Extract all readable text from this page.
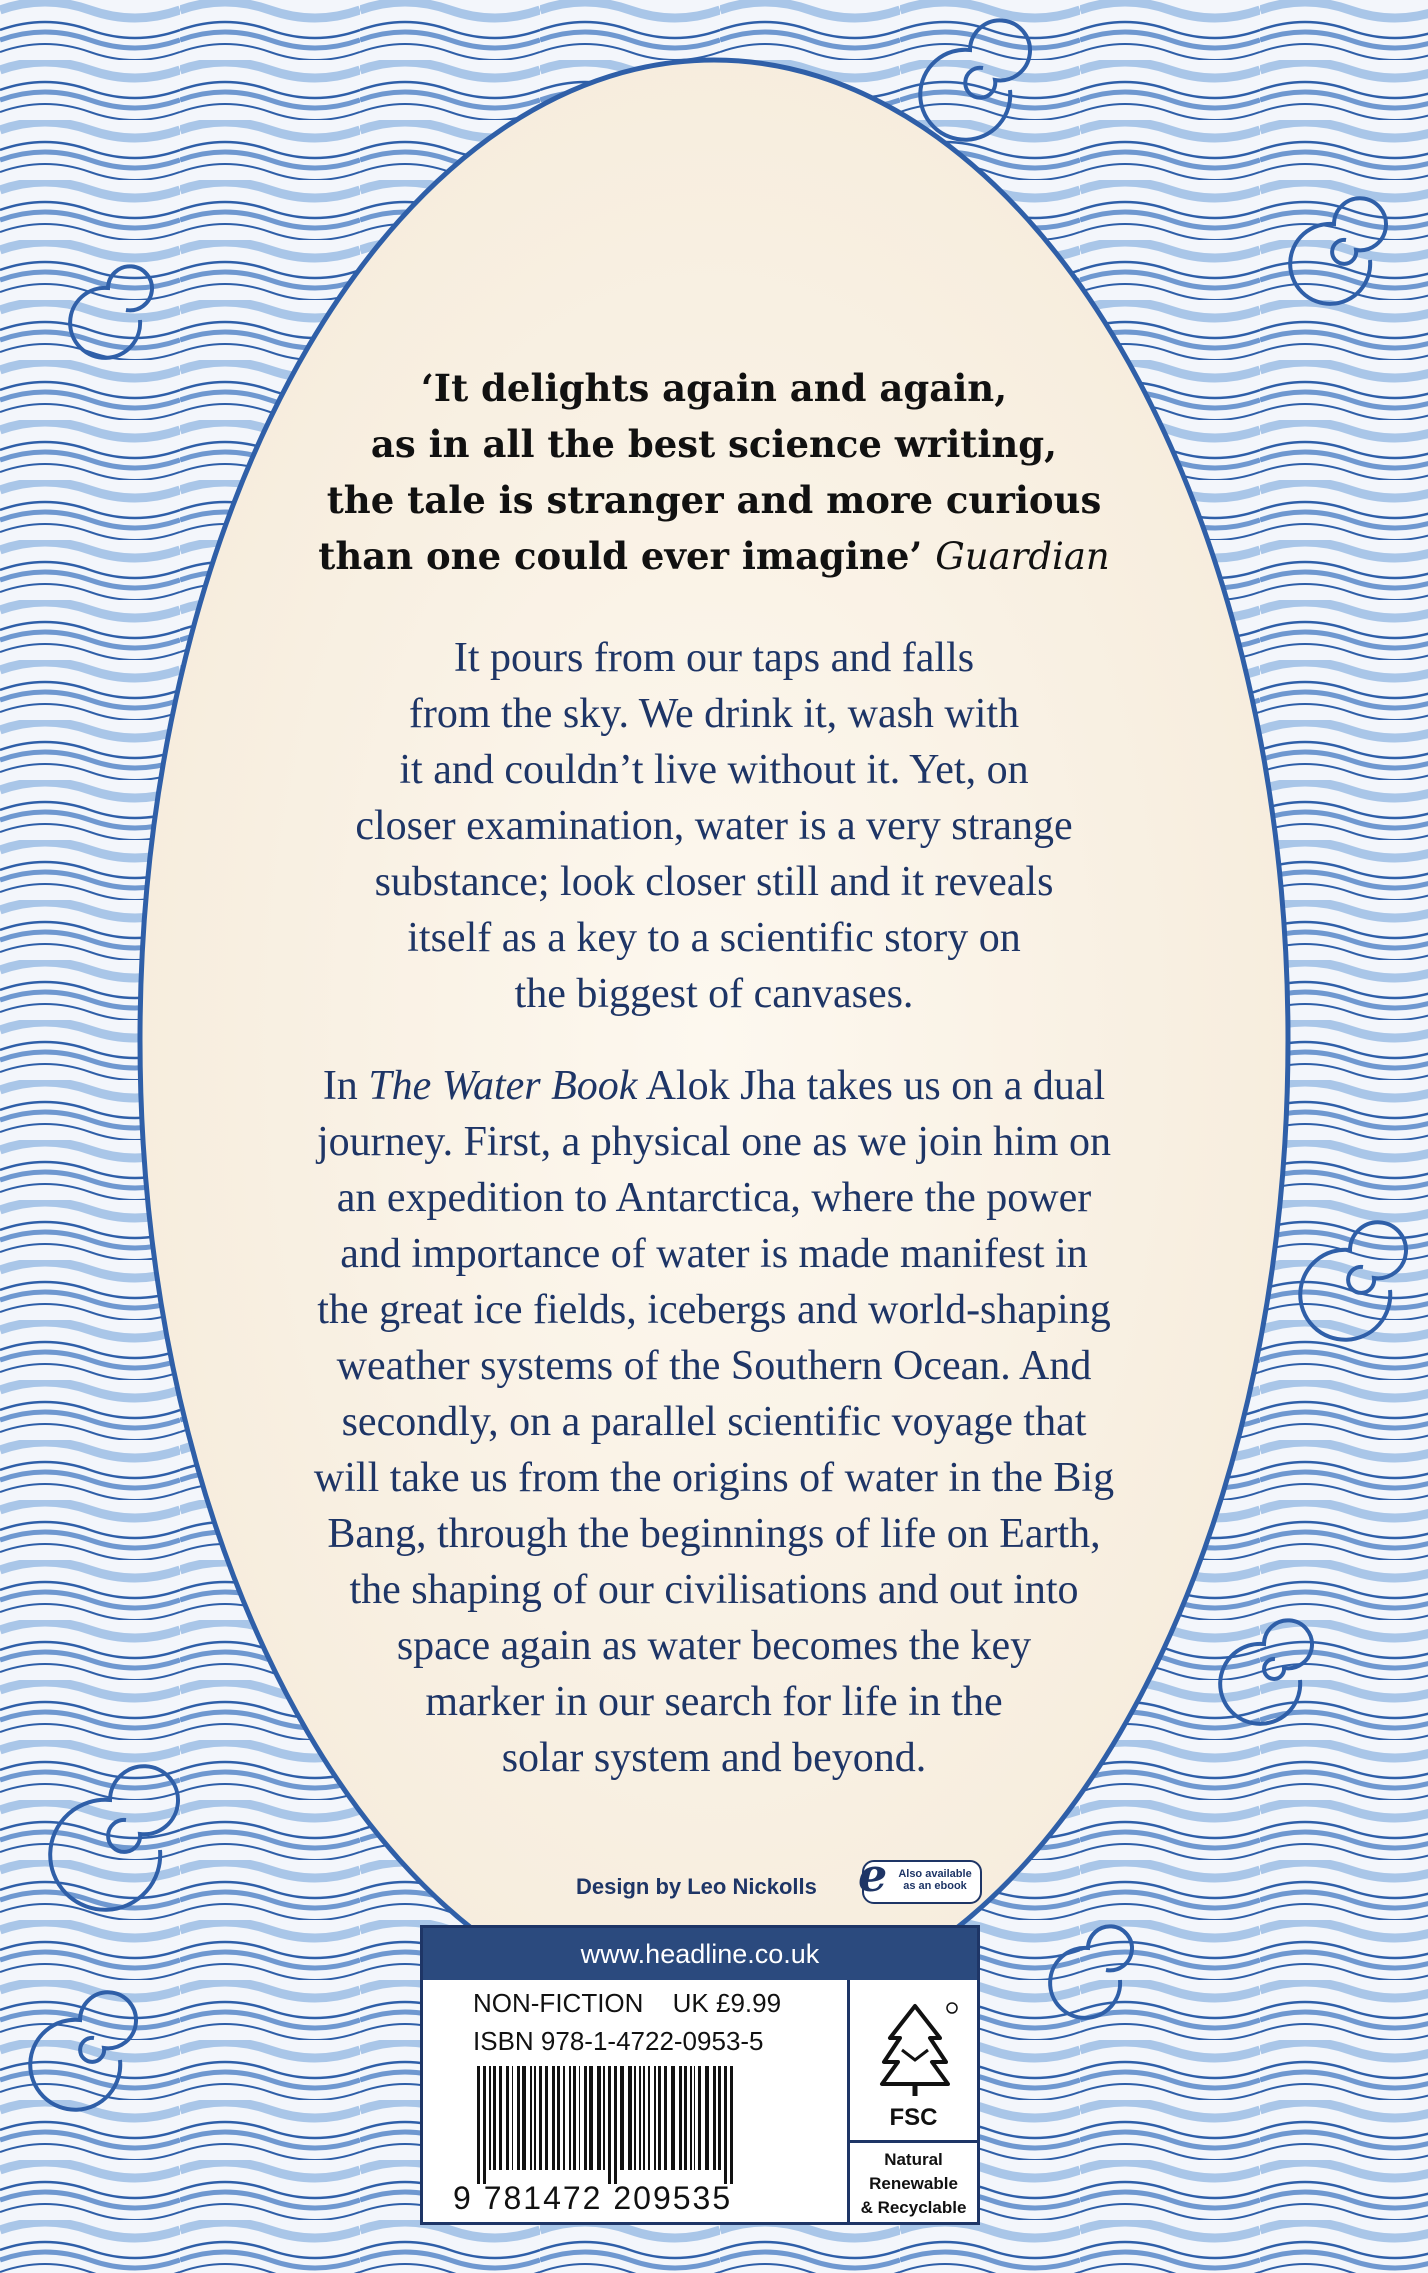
‘It delights again and again,
as in all the best science writing,
the tale is stranger and more curious
than one could ever imagine’ Guardian
It pours from our taps and falls
from the sky. We drink it, wash with
it and couldn’t live without it. Yet, on
closer examination, water is a very strange
substance; look closer still and it reveals
itself as a key to a scientific story on
the biggest of canvases.
In The Water Book Alok Jha takes us on a dual
journey. First, a physical one as we join him on
an expedition to Antarctica, where the power
and importance of water is made manifest in
the great ice fields, icebergs and world-shaping
weather systems of the Southern Ocean. And
secondly, on a parallel scientific voyage that
will take us from the origins of water in the Big
Bang, through the beginnings of life on Earth,
the shaping of our civilisations and out into
space again as water becomes the key
marker in our search for life in the
solar system and beyond.
Design by Leo Nickolls e	Also available
as an ebook
www.headline.co.uk
NON-FICTION UK £9.99
ISBN 978-1-4722-0953-5
9 781472 209535
FSC
Natural
Renewable
& Recyclable
